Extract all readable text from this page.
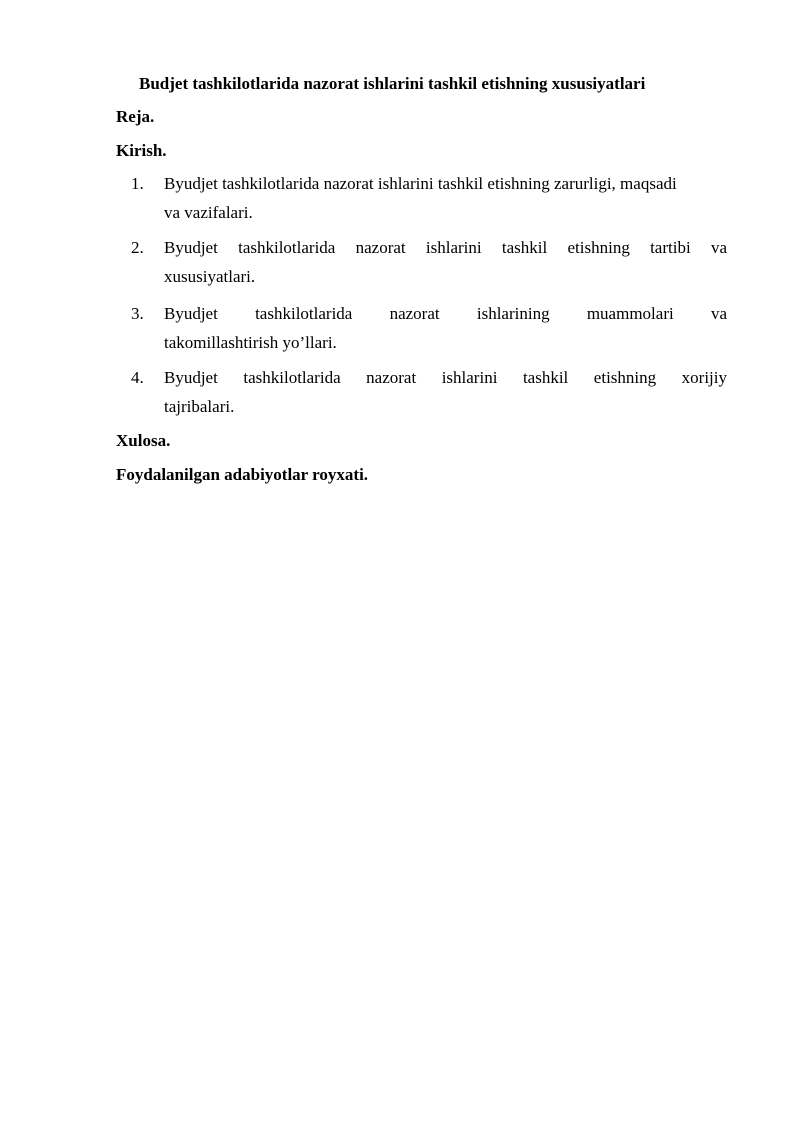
Budjet tashkilotlarida nazorat ishlarini tashkil etishning xususiyatlari
Reja.
Kirish.
1. Byudjet tashkilotlarida nazorat ishlarini tashkil etishning zarurligi, maqsadi
va vazifalari.
2. Byudjet tashkilotlarida nazorat ishlarini tashkil etishning tartibi va
xususiyatlari.
3. Byudjet tashkilotlarida nazorat ishlarining muammolari va
takomillashtirish yo’llari.
4. Byudjet tashkilotlarida nazorat ishlarini tashkil etishning xorijiy
tajribalari.
Xulosa.
Foydalanilgan adabiyotlar royxati.
